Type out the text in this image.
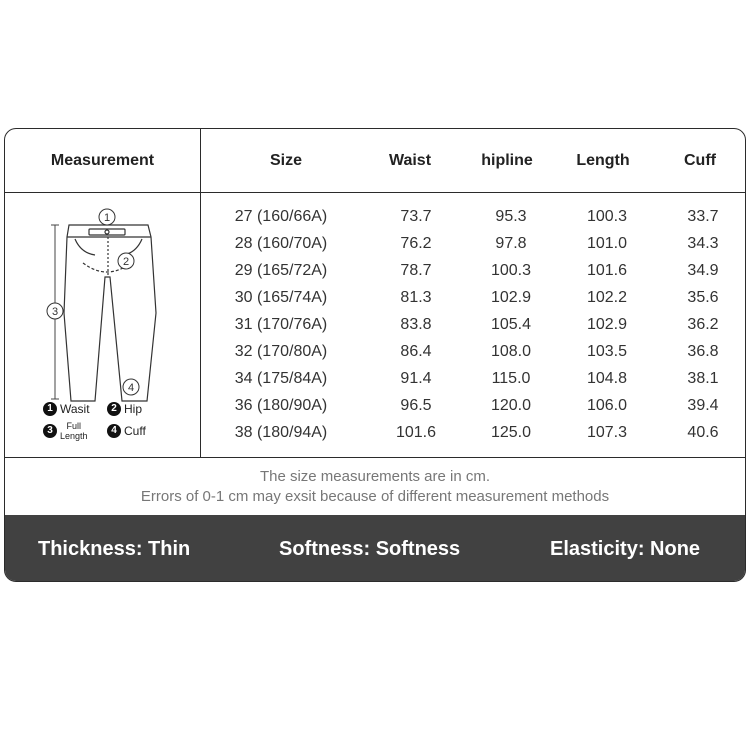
Measurement	Size	Waist	hipline	Length	Cuff
1
2
3
4
1 Wasit	2 Hip
3 Full
Length
4 Cuff
27 (160/66A)	73.7	95.3	100.3	33.7
28 (160/70A)	76.2	97.8	101.0	34.3
29 (165/72A)	78.7	100.3	101.6	34.9
30 (165/74A)	81.3	102.9	102.2	35.6
31 (170/76A)	83.8	105.4	102.9	36.2
32 (170/80A)	86.4	108.0	103.5	36.8
34 (175/84A)	91.4	115.0	104.8	38.1
36 (180/90A)	96.5	120.0	106.0	39.4
38 (180/94A)	101.6	125.0	107.3	40.6
The size measurements are in cm.
Errors of 0-1 cm may exsit because of different measurement methods
Thickness: Thin	Softness: Softness	Elasticity: None
